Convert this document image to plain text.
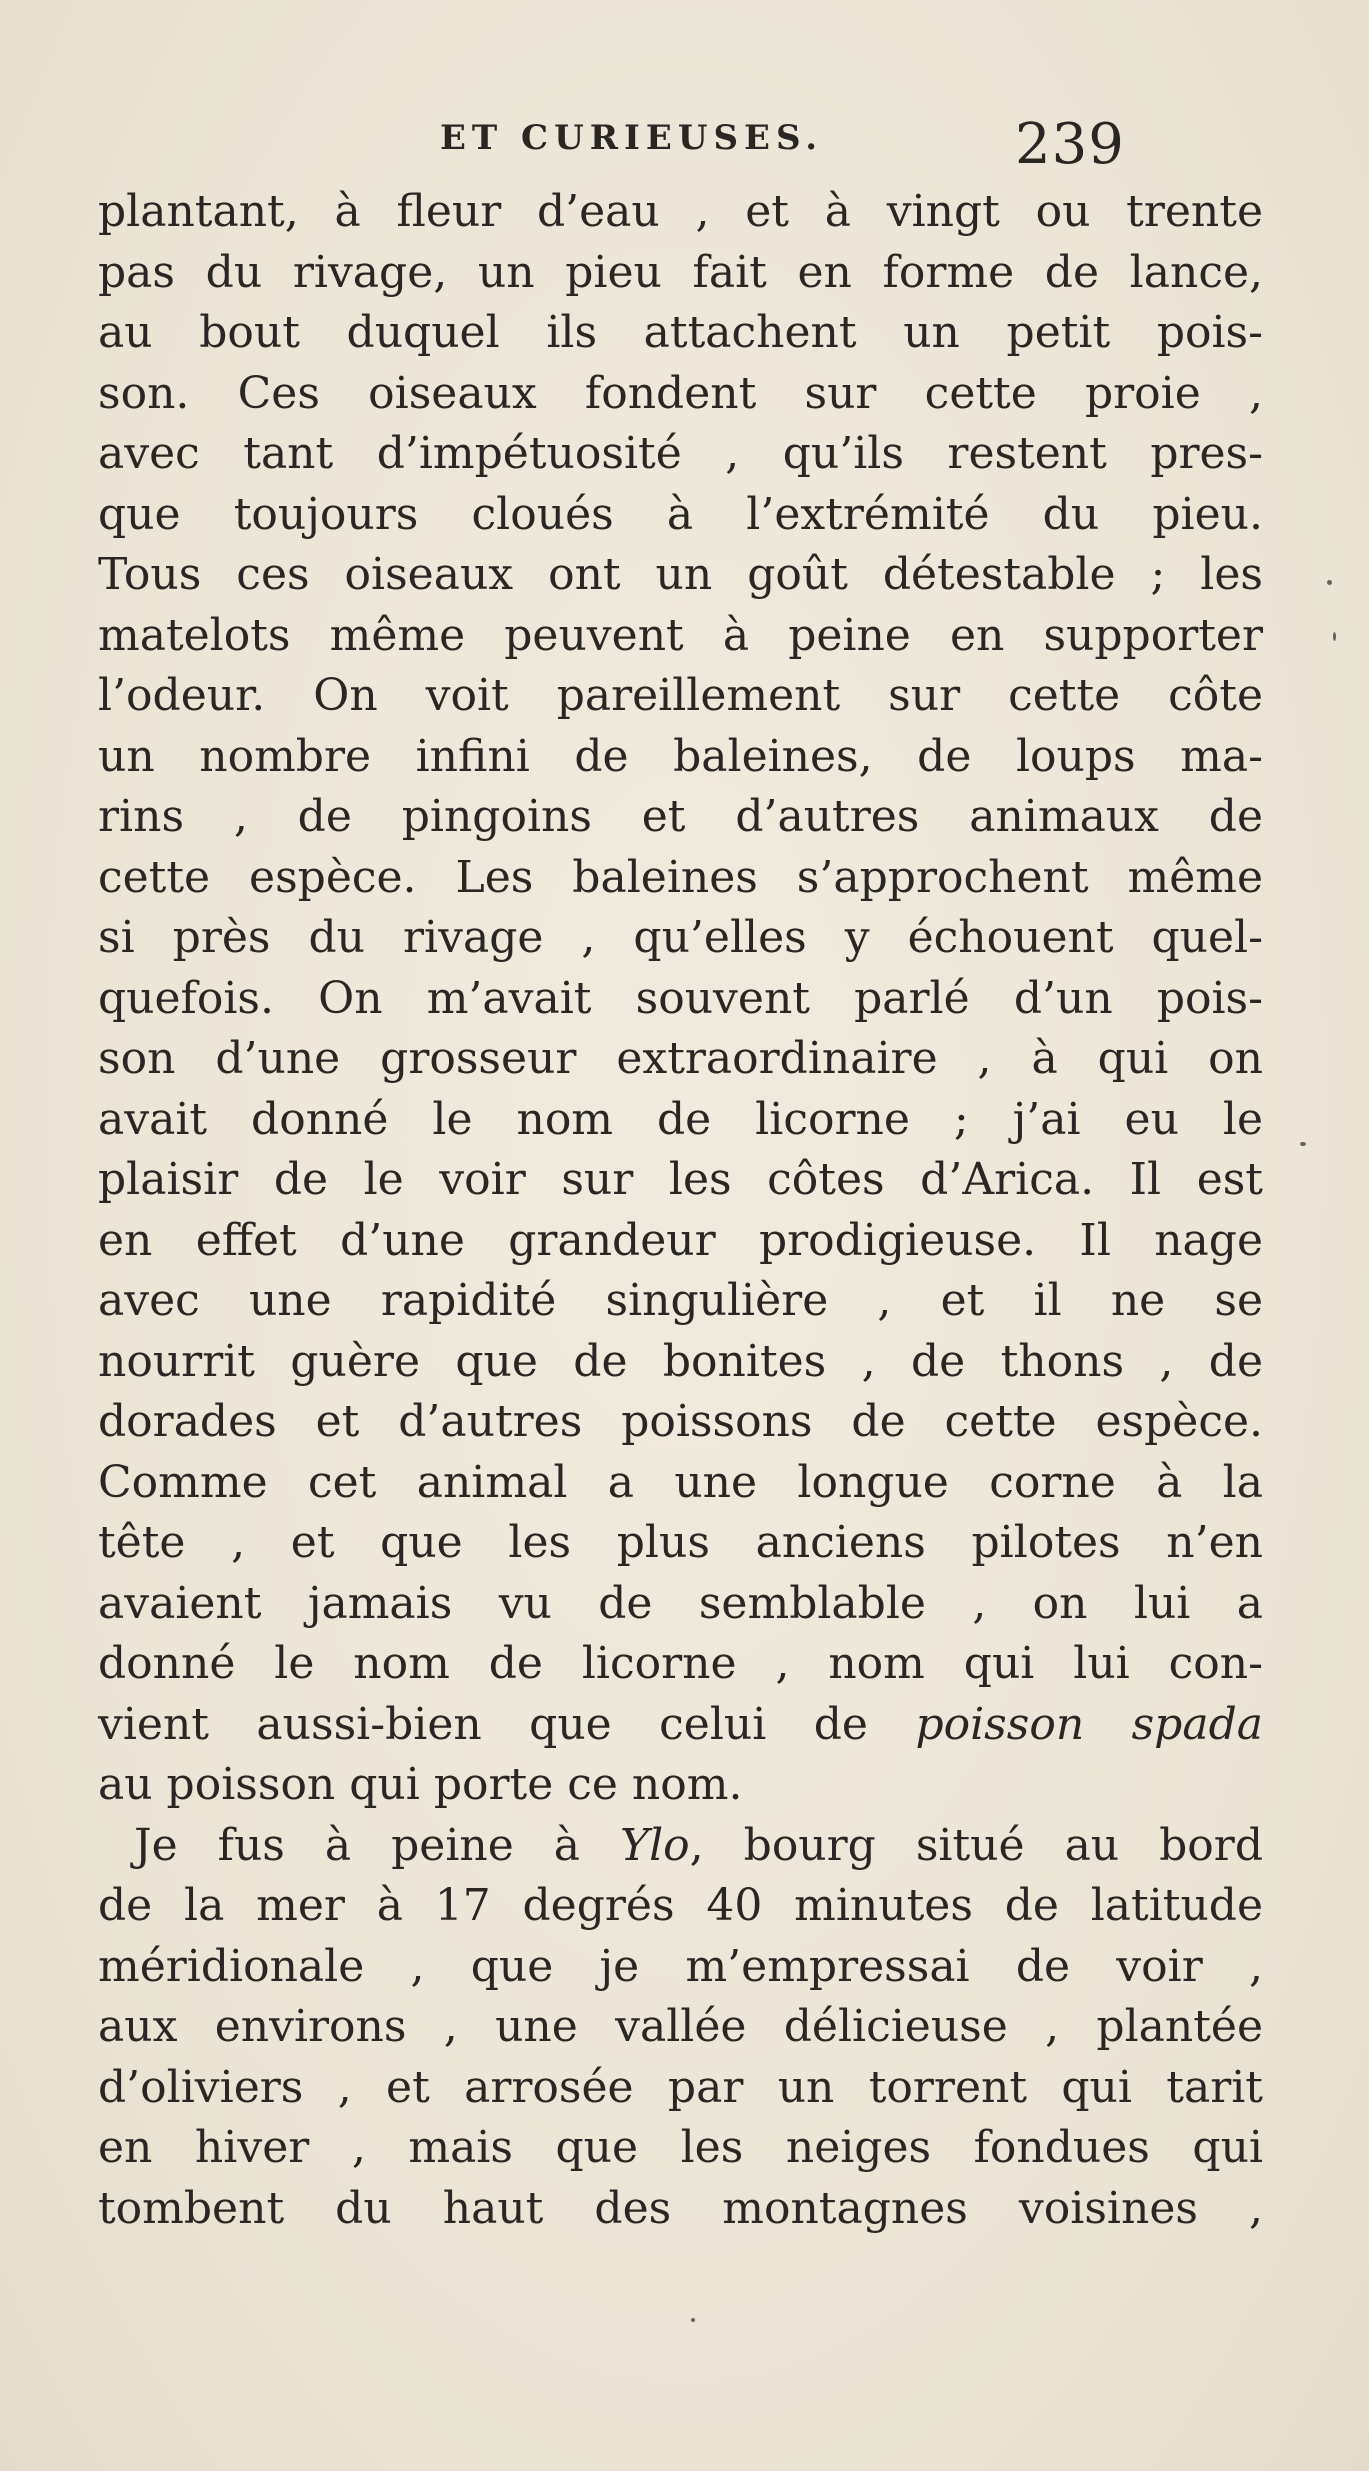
ET CURIEUSES.	239
plantant, à fleur d’eau , et à vingt ou trente
pas du rivage, un pieu fait en forme de lance,
au bout duquel ils attachent un petit pois-
son. Ces oiseaux fondent sur cette proie ,
avec tant d’impétuosité , qu’ils restent pres-
que toujours cloués à l’extrémité du pieu.
Tous ces oiseaux ont un goût détestable ; les
matelots même peuvent à peine en supporter
l’odeur. On voit pareillement sur cette côte
un nombre infini de baleines, de loups ma-
rins , de pingoins et d’autres animaux de
cette espèce. Les baleines s’approchent même
si près du rivage , qu’elles y échouent quel-
quefois. On m’avait souvent parlé d’un pois-
son d’une grosseur extraordinaire , à qui on
avait donné le nom de licorne ; j’ai eu le
plaisir de le voir sur les côtes d’Arica. Il est
en effet d’une grandeur prodigieuse. Il nage
avec une rapidité singulière , et il ne se
nourrit guère que de bonites , de thons , de
dorades et d’autres poissons de cette espèce.
Comme cet animal a une longue corne à la
tête , et que les plus anciens pilotes n’en
avaient jamais vu de semblable , on lui a
donné le nom de licorne , nom qui lui con-
vient aussi-bien que celui de poisson spada
au poisson qui porte ce nom.
Je fus à peine à Ylo, bourg situé au bord
de la mer à 17 degrés 40 minutes de latitude
méridionale , que je m’empressai de voir ,
aux environs , une vallée délicieuse , plantée
d’oliviers , et arrosée par un torrent qui tarit
en hiver , mais que les neiges fondues qui
tombent du haut des montagnes voisines ,
